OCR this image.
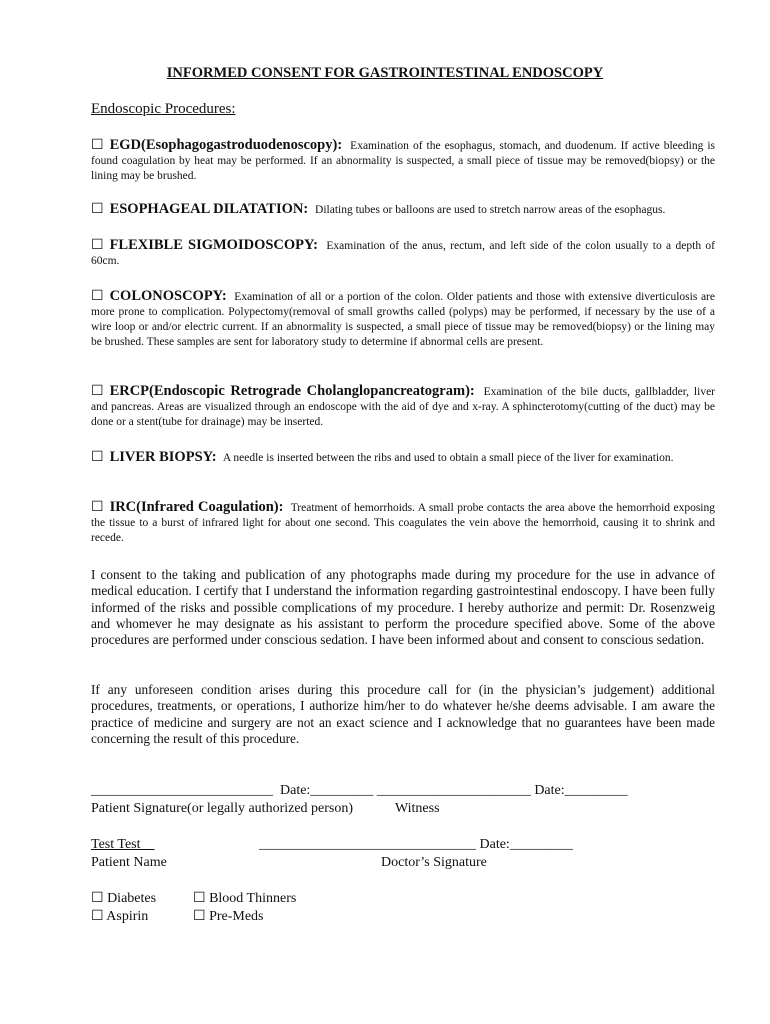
INFORMED CONSENT FOR GASTROINTESTINAL ENDOSCOPY
Endoscopic Procedures:
☐ EGD(Esophagogastroduodenoscopy): Examination of the esophagus, stomach, and duodenum. If active bleeding is found coagulation by heat may be performed. If an abnormality is suspected, a small piece of tissue may be removed(biopsy) or the lining may be brushed.
☐ ESOPHAGEAL DILATATION: Dilating tubes or balloons are used to stretch narrow areas of the esophagus.
☐ FLEXIBLE SIGMOIDOSCOPY: Examination of the anus, rectum, and left side of the colon usually to a depth of 60cm.
☐ COLONOSCOPY: Examination of all or a portion of the colon. Older patients and those with extensive diverticulosis are more prone to complication. Polypectomy(removal of small growths called (polyps) may be performed, if necessary by the use of a wire loop or and/or electric current. If an abnormality is suspected, a small piece of tissue may be removed(biopsy) or the lining may be brushed. These samples are sent for laboratory study to determine if abnormal cells are present.
☐ ERCP(Endoscopic Retrograde Cholanglopancreatogram): Examination of the bile ducts, gallbladder, liver and pancreas. Areas are visualized through an endoscope with the aid of dye and x-ray. A sphincterotomy(cutting of the duct) may be done or a stent(tube for drainage) may be inserted.
☐ LIVER BIOPSY: A needle is inserted between the ribs and used to obtain a small piece of the liver for examination.
☐ IRC(Infrared Coagulation): Treatment of hemorrhoids. A small probe contacts the area above the hemorrhoid exposing the tissue to a burst of infrared light for about one second. This coagulates the vein above the hemorrhoid, causing it to shrink and recede.
I consent to the taking and publication of any photographs made during my procedure for the use in advance of medical education. I certify that I understand the information regarding gastrointestinal endoscopy. I have been fully informed of the risks and possible complications of my procedure. I hereby authorize and permit: Dr. Rosenzweig and whomever he may designate as his assistant to perform the procedure specified above. Some of the above procedures are performed under conscious sedation. I have been informed about and consent to conscious sedation.
If any unforeseen condition arises during this procedure call for (in the physician’s judgement) additional procedures, treatments, or operations, I authorize him/her to do whatever he/she deems advisable. I am aware the practice of medicine and surgery are not an exact science and I acknowledge that no guarantees have been made concerning the result of this procedure.
__________________________  Date:_________ ______________________ Date:_________
Patient Signature(or legally authorized person)	Witness
Test Test	_______________________________ Date:_________
Patient Name	Doctor’s Signature
☐ Diabetes	☐ Blood Thinners
☐ Aspirin	☐ Pre-Meds
